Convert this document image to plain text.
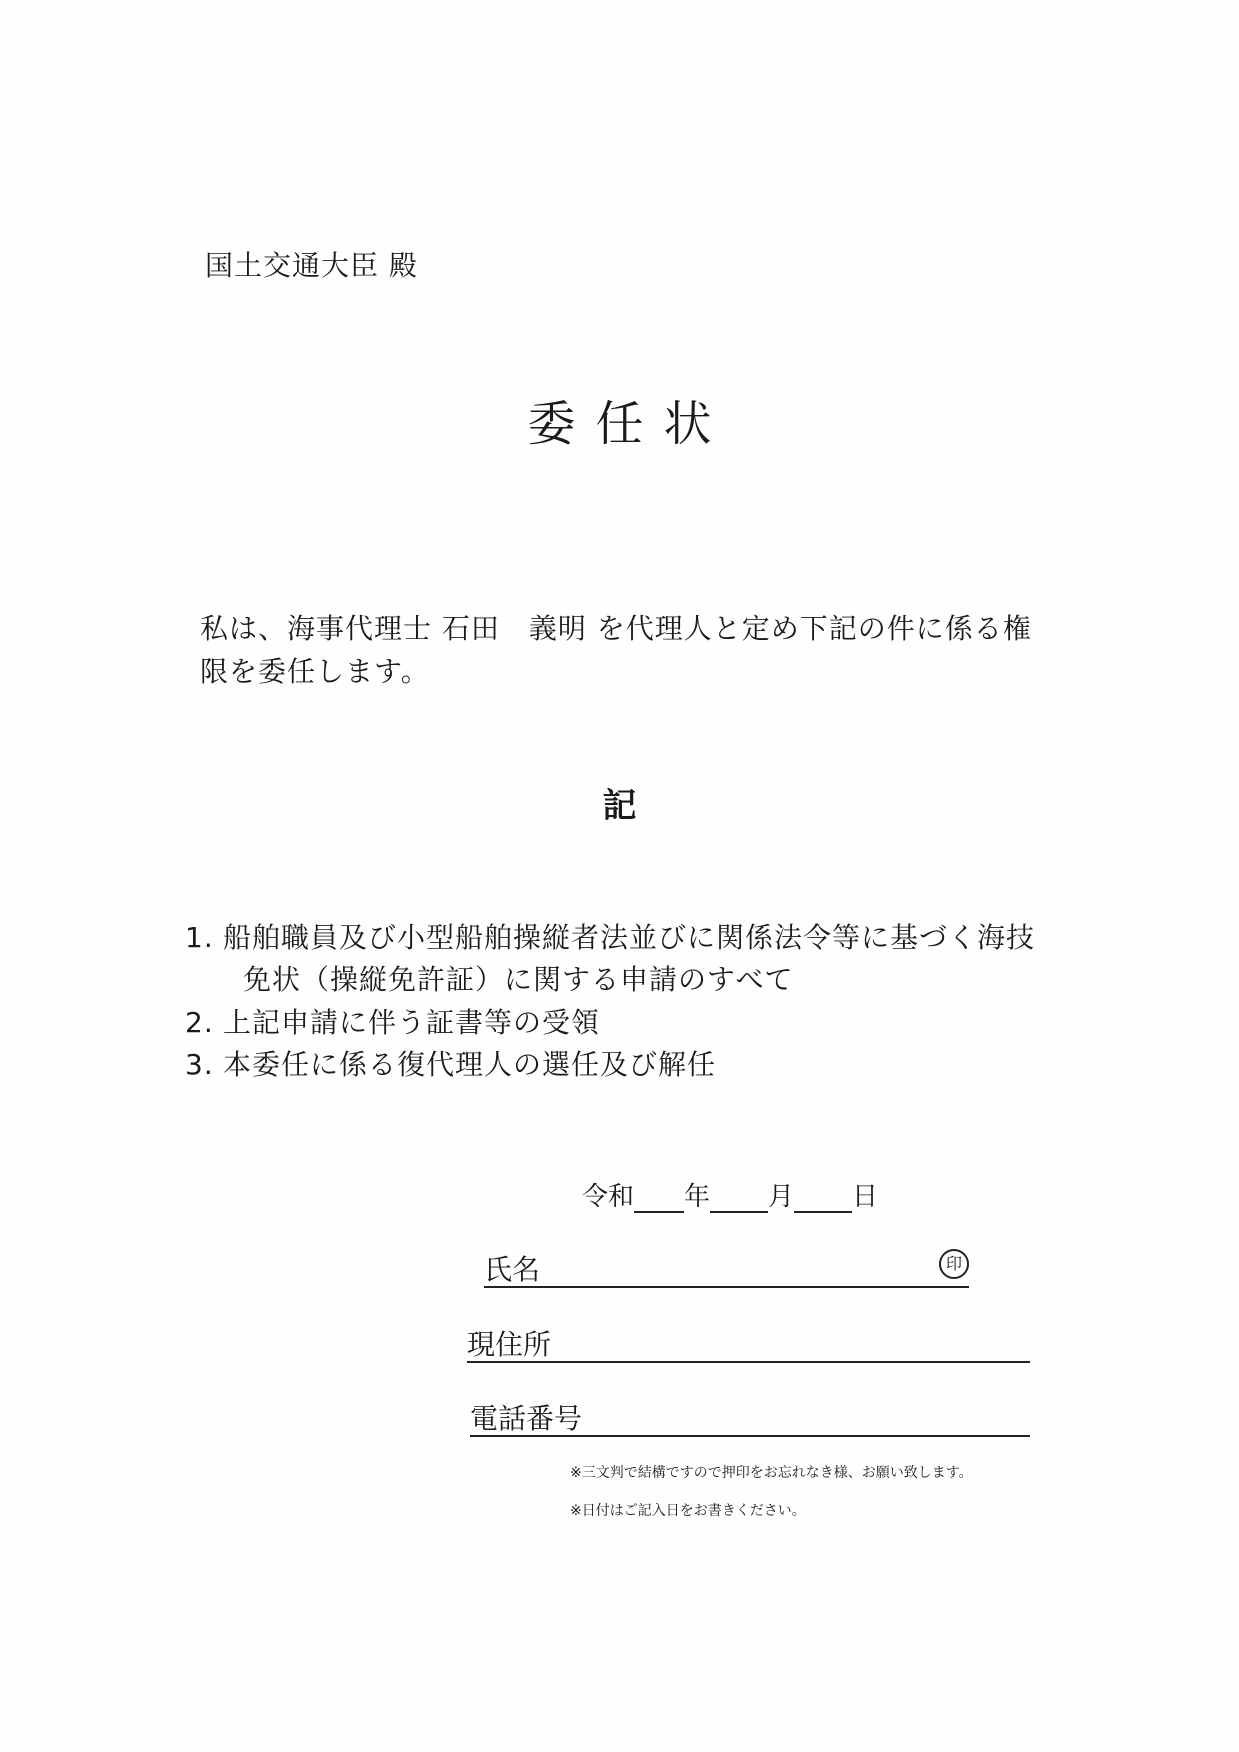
国土交通大臣 殿
委任状
私は、海事代理士 石田　義明 を代理人と定め下記の件に係る権
限を委任します。
記
1. 船舶職員及び小型船舶操縦者法並びに関係法令等に基づく海技
免状（操縦免許証）に関する申請のすべて
2. 上記申請に伴う証書等の受領
3. 本委任に係る復代理人の選任及び解任
令和 年 月 日
氏名	印
現住所
電話番号
※三文判で結構ですので押印をお忘れなき様、お願い致します。
※日付はご記入日をお書きください。
